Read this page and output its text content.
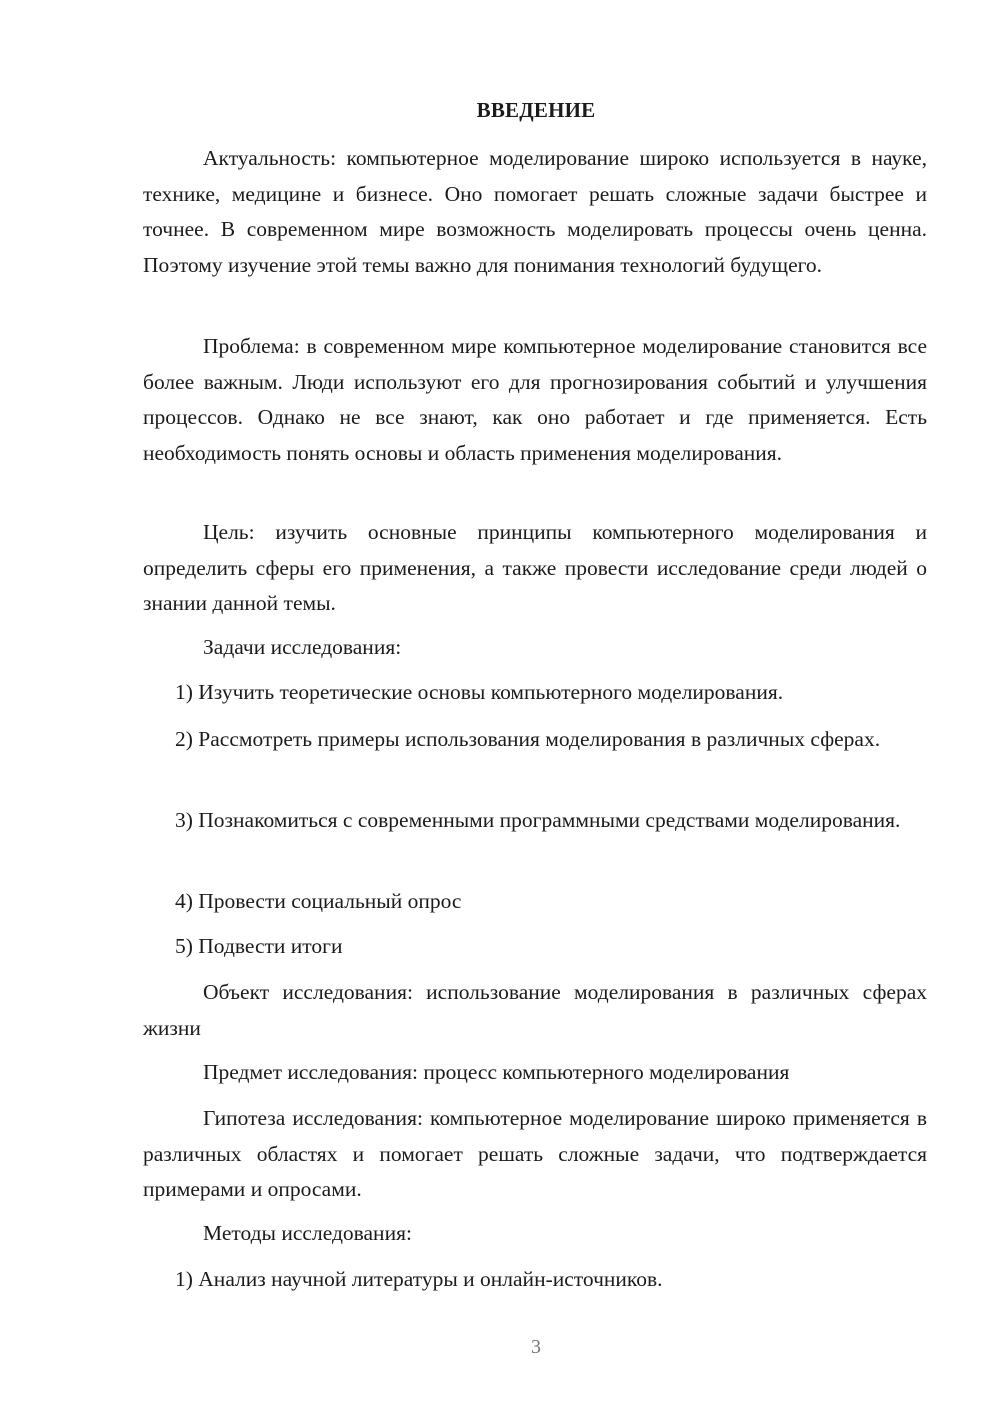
ВВЕДЕНИЕ

Актуальность: компьютерное моделирование широко используется в науке, технике, медицине и бизнесе. Оно помогает решать сложные задачи быстрее и точнее. В современном мире возможность моделировать процессы очень ценна. Поэтому изучение этой темы важно для понимания технологий будущего.

Проблема: в современном мире компьютерное моделирование становится все более важным. Люди используют его для прогнозирования событий и улучшения процессов. Однако не все знают, как оно работает и где применяется. Есть необходимость понять основы и область применения моделирования.

Цель: изучить основные принципы компьютерного моделирования и определить сферы его применения, а также провести исследование среди людей о знании данной темы.

Задачи исследования:

1) Изучить теоретические основы компьютерного моделирования.

2) Рассмотреть примеры использования моделирования в различных сферах.

3) Познакомиться с современными программными средствами моделирования.

4) Провести социальный опрос

5) Подвести итоги

Объект исследования: использование моделирования в различных сферах жизни

Предмет исследования: процесс компьютерного моделирования

Гипотеза исследования: компьютерное моделирование широко применяется в различных областях и помогает решать сложные задачи, что подтверждается примерами и опросами.

Методы исследования:

1) Анализ научной литературы и онлайн-источников.

3
